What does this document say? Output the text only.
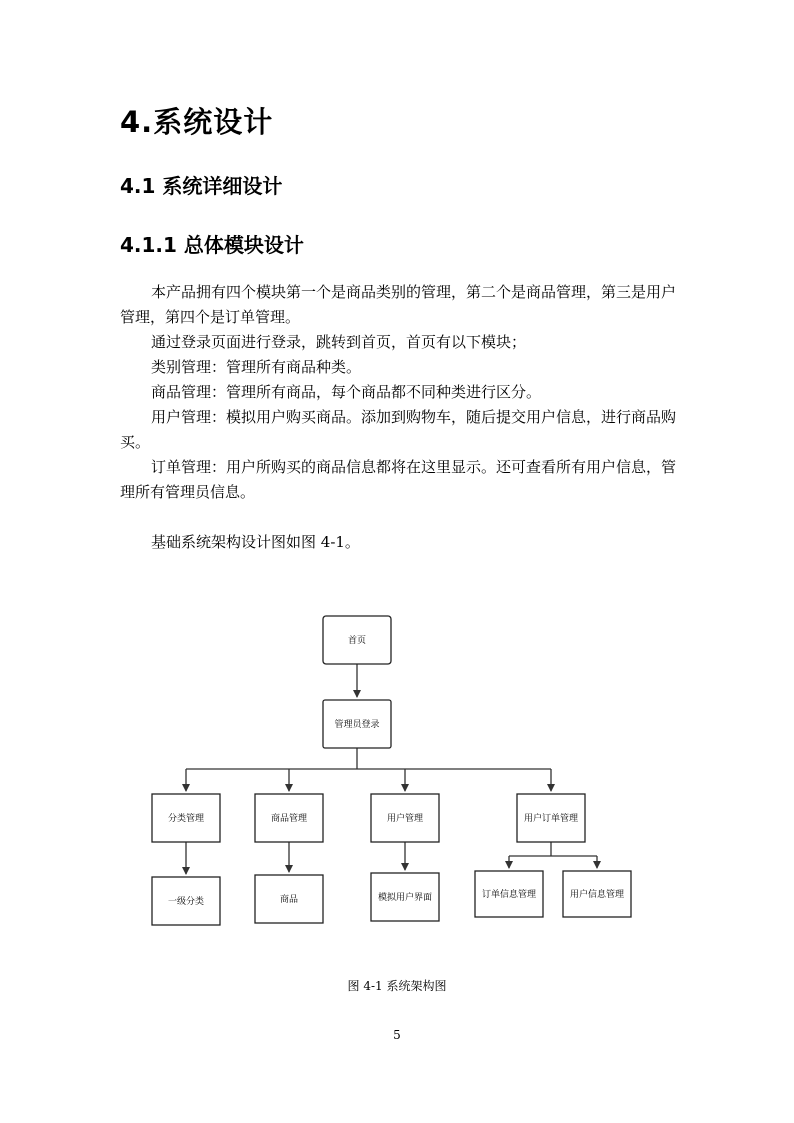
4.系统设计
4.1 系统详细设计
4.1.1 总体模块设计
本产品拥有四个模块第一个是商品类别的管理，第二个是商品管理，第三是用户管理，第四个是订单管理。
通过登录页面进行登录，跳转到首页，首页有以下模块；
类别管理：管理所有商品种类。
商品管理：管理所有商品，每个商品都不同种类进行区分。
用户管理：模拟用户购买商品。添加到购物车，随后提交用户信息，进行商品购买。
订单管理：用户所购买的商品信息都将在这里显示。还可查看所有用户信息，管理所有管理员信息。
基础系统架构设计图如图 4-1。
首页
管理员登录
分类管理	商品管理	用户管理	用户订单管理
一级分类	商品	模拟用户界面	订单信息管理	用户信息管理
图 4-1 系统架构图
5
